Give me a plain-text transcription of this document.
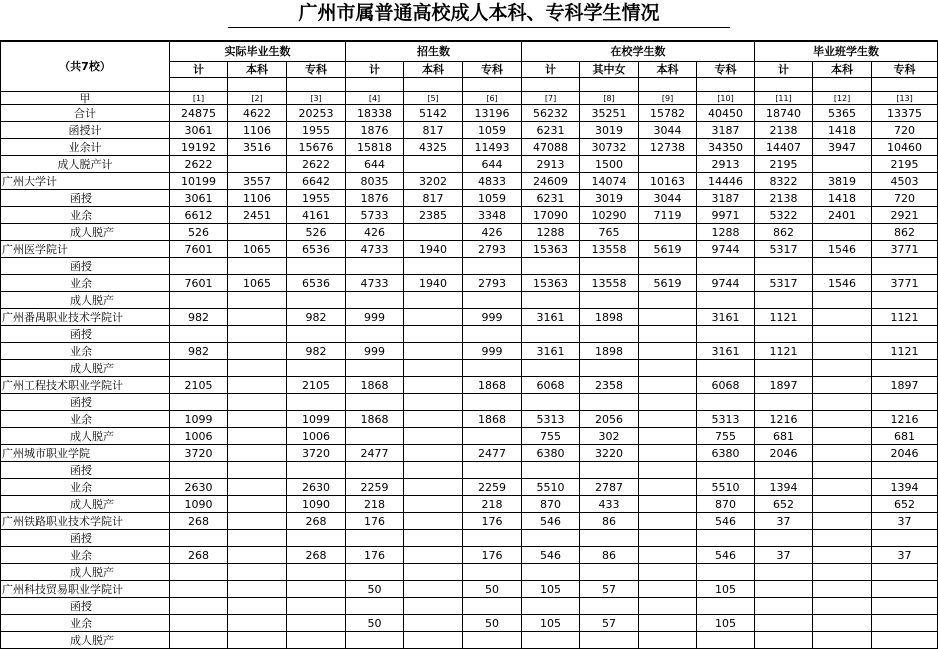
广州市属普通高校成人本科、专科学生情况
（共7校）	实际毕业生数			招生数			在校学生数				毕业班学生数		
	计	本科	专科	计	本科	专科	计	其中女	本科	专科	计	本科	专科

甲	[1]	[2]	[3]	[4]	[5]	[6]	[7]	[8]	[9]	[10]	[11]	[12]	[13]
合计	24875	4622	20253	18338	5142	13196	56232	35251	15782	40450	18740	5365	13375
函授计	3061	1106	1955	1876	817	1059	6231	3019	3044	3187	2138	1418	720
业余计	19192	3516	15676	15818	4325	11493	47088	30732	12738	34350	14407	3947	10460
成人脱产计	2622		2622	644		644	2913	1500		2913	2195		2195
广州大学计	10199	3557	6642	8035	3202	4833	24609	14074	10163	14446	8322	3819	4503
函授	3061	1106	1955	1876	817	1059	6231	3019	3044	3187	2138	1418	720
业余	6612	2451	4161	5733	2385	3348	17090	10290	7119	9971	5322	2401	2921
成人脱产	526		526	426		426	1288	765		1288	862		862
广州医学院计	7601	1065	6536	4733	1940	2793	15363	13558	5619	9744	5317	1546	3771
函授													
业余	7601	1065	6536	4733	1940	2793	15363	13558	5619	9744	5317	1546	3771
成人脱产													
广州番禺职业技术学院计	982		982	999		999	3161	1898		3161	1121		1121
函授													
业余	982		982	999		999	3161	1898		3161	1121		1121
成人脱产													
广州工程技术职业学院计	2105		2105	1868		1868	6068	2358		6068	1897		1897
函授													
业余	1099		1099	1868		1868	5313	2056		5313	1216		1216
成人脱产	1006		1006				755	302		755	681		681
广州城市职业学院	3720		3720	2477		2477	6380	3220		6380	2046		2046
函授													
业余	2630		2630	2259		2259	5510	2787		5510	1394		1394
成人脱产	1090		1090	218		218	870	433		870	652		652
广州铁路职业技术学院计	268		268	176		176	546	86		546	37		37
函授													
业余	268		268	176		176	546	86		546	37		37
成人脱产													
广州科技贸易职业学院计				50		50	105	57		105			
函授													
业余				50		50	105	57		105			
成人脱产													
